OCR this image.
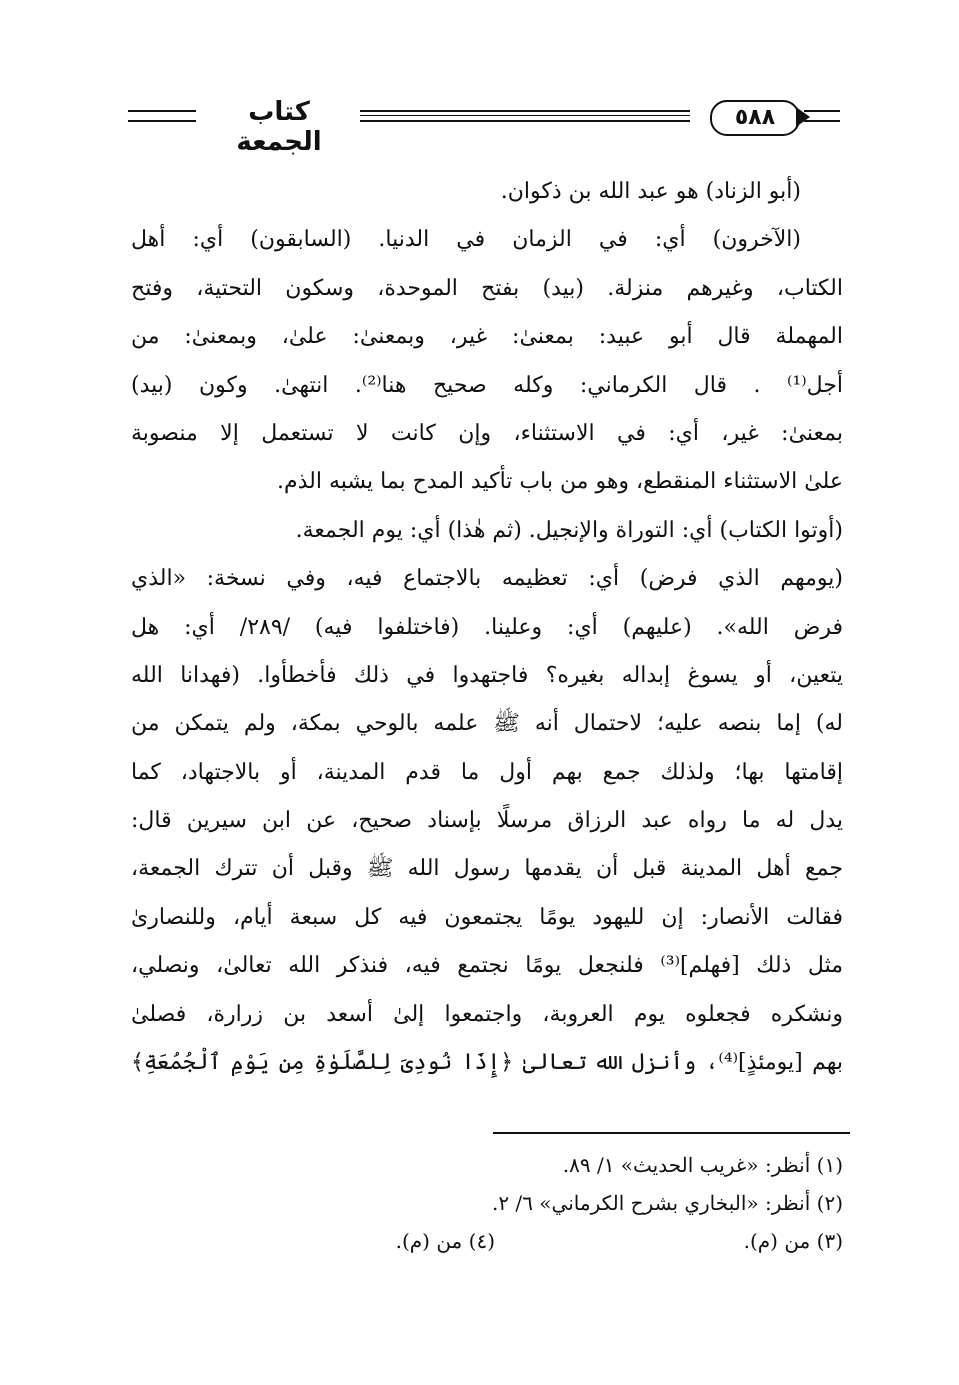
كتاب الجمعة
٥٨٨
(أبو الزناد) هو عبد الله بن ذكوان.
(الآخرون) أي: في الزمان في الدنيا. (السابقون) أي: أهل
الكتاب، وغيرهم منزلة. (بيد) بفتح الموحدة، وسكون التحتية، وفتح
المهملة قال أبو عبيد: بمعنىٰ: غير، وبمعنىٰ: علىٰ، وبمعنىٰ: من
أجل⁽¹⁾ . قال الكرماني: وكله صحيح هنا⁽²⁾. انتهىٰ. وكون (بيد)
بمعنىٰ: غير، أي: في الاستثناء، وإن كانت لا تستعمل إلا منصوبة
علىٰ الاستثناء المنقطع، وهو من باب تأكيد المدح بما يشبه الذم.
(أوتوا الكتاب) أي: التوراة والإنجيل. (ثم هٰذا) أي: يوم الجمعة.
(يومهم الذي فرض) أي: تعظيمه بالاجتماع فيه، وفي نسخة: «الذي
فرض الله». (عليهم) أي: وعلينا. (فاختلفوا فيه) /٢٨٩/ أي: هل
يتعين، أو يسوغ إبداله بغيره؟ فاجتهدوا في ذلك فأخطأوا. (فهدانا الله
له) إما بنصه عليه؛ لاحتمال أنه ﷺ علمه بالوحي بمكة، ولم يتمكن من
إقامتها بها؛ ولذلك جمع بهم أول ما قدم المدينة، أو بالاجتهاد، كما
يدل له ما رواه عبد الرزاق مرسلًا بإسناد صحيح، عن ابن سيرين قال:
جمع أهل المدينة قبل أن يقدمها رسول الله ﷺ وقبل أن تترك الجمعة،
فقالت الأنصار: إن لليهود يومًا يجتمعون فيه كل سبعة أيام، وللنصارىٰ
مثل ذلك [فهلم]⁽³⁾ فلنجعل يومًا نجتمع فيه، فنذكر الله تعالىٰ، ونصلي،
ونشكره فجعلوه يوم العروبة، واجتمعوا إلىٰ أسعد بن زرارة، فصلىٰ
بهم [يومئذٍ]⁽⁴⁾، وأنزل الله تعالىٰ ﴿إِذَا نُودِىَ لِلصَّلَوٰةِ مِن يَوْمِ ٱلْجُمُعَةِ﴾
(١) أنظر: «غريب الحديث» ١/ ٨٩.
(٢) أنظر: «البخاري بشرح الكرماني» ٦/ ٢.
(٣) من (م).
(٤) من (م).
